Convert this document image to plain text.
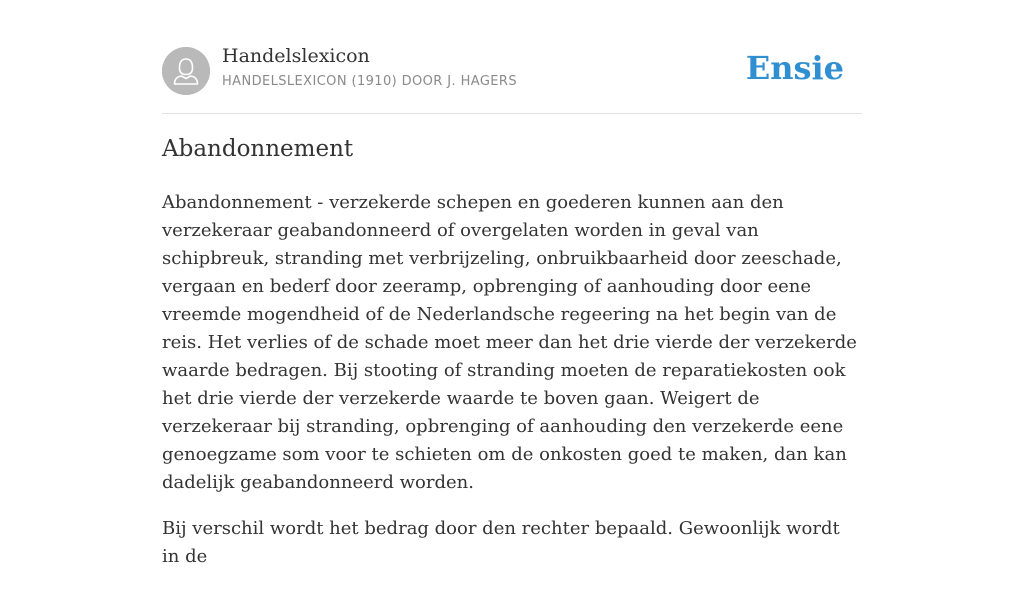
Handelslexicon
HANDELSLEXICON (1910) DOOR J. HAGERS	Ensie
Abandonnement

Abandonnement - verzekerde schepen en goederen kunnen aan den verzekeraar geabandonneerd of overgelaten worden in geval van schipbreuk, stranding met verbrijzeling, onbruikbaarheid door zeeschade, vergaan en bederf door zeeramp, opbrenging of aanhouding door eene vreemde mogendheid of de Nederlandsche regeering na het begin van de reis. Het verlies of de schade moet meer dan het drie vierde der verzekerde waarde bedragen. Bij stooting of stranding moeten de reparatiekosten ook het drie vierde der verzekerde waarde te boven gaan. Weigert de verzekeraar bij stranding, opbrenging of aanhouding den verzekerde eene genoegzame som voor te schieten om de onkosten goed te maken, dan kan dadelijk geabandonneerd worden.

Bij verschil wordt het bedrag door den rechter bepaald. Gewoonlijk wordt in de
